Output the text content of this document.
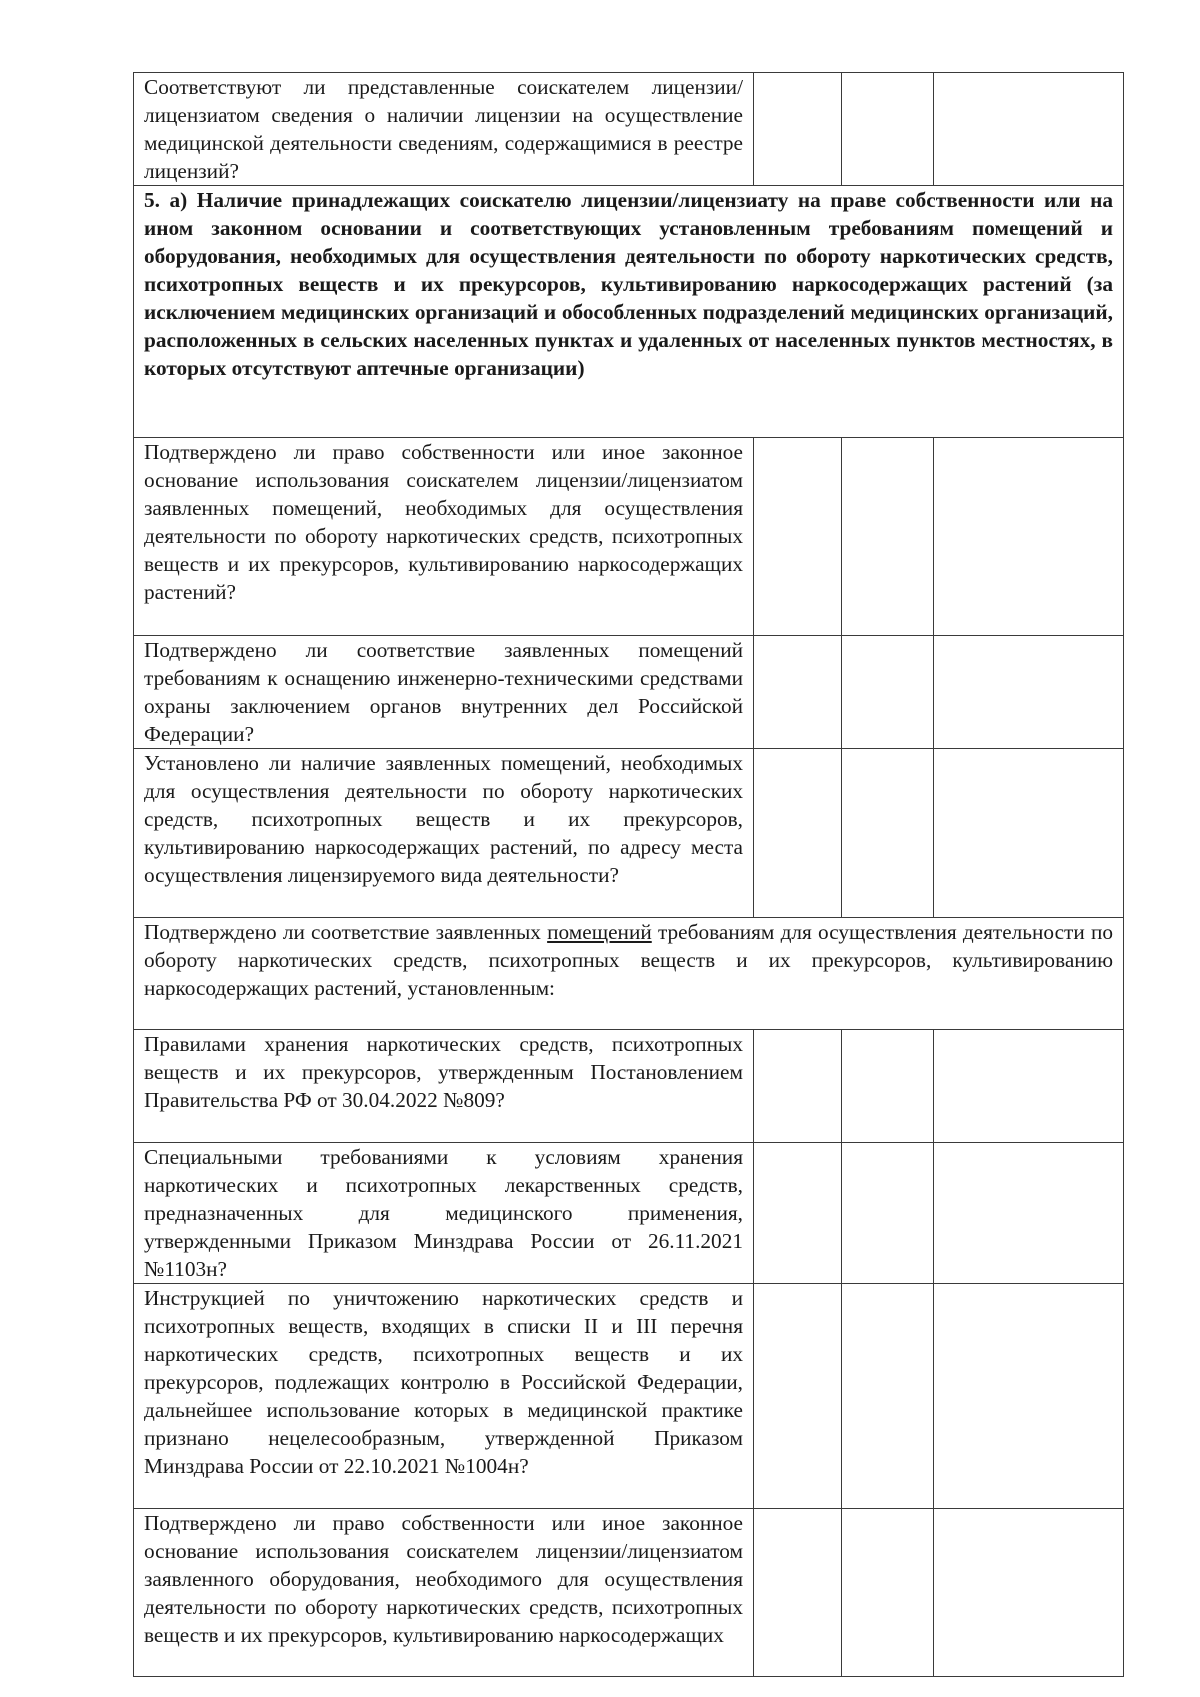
Соответствуют ли представленные соискателем лицензии/лицензиатом сведения о наличии лицензии на осуществление медицинской деятельности сведениям, содержащимися в реестре лицензий?			
5. а) Наличие принадлежащих соискателю лицензии/лицензиату на праве собственности или на ином законном основании и соответствующих установленным требованиям помещений и оборудования, необходимых для осуществления деятельности по обороту наркотических средств, психотропных веществ и их прекурсоров, культивированию наркосодержащих растений (за исключением медицинских организаций и обособленных подразделений медицинских организаций, расположенных в сельских населенных пунктах и удаленных от населенных пунктов местностях, в которых отсутствуют аптечные организации)			
Подтверждено ли право собственности или иное законное основание использования соискателем лицензии/лицензиатом заявленных помещений, необходимых для осуществления деятельности по обороту наркотических средств, психотропных веществ и их прекурсоров, культивированию наркосодержащих растений?			
Подтверждено ли соответствие заявленных помещений требованиям к оснащению инженерно-техническими средствами охраны заключением органов внутренних дел Российской Федерации?			
Установлено ли наличие заявленных помещений, необходимых для осуществления деятельности по обороту наркотических средств, психотропных веществ и их прекурсоров, культивированию наркосодержащих растений, по адресу места осуществления лицензируемого вида деятельности?			
Подтверждено ли соответствие заявленных помещений требованиям для осуществления деятельности по обороту наркотических средств, психотропных веществ и их прекурсоров, культивированию наркосодержащих растений, установленным:			
Правилами хранения наркотических средств, психотропных веществ и их прекурсоров, утвержденным Постановлением Правительства РФ от 30.04.2022 №809?			
Специальными требованиями к условиям хранения наркотических и психотропных лекарственных средств, предназначенных для медицинского применения, утвержденными Приказом Минздрава России от 26.11.2021 №1103н?			
Инструкцией по уничтожению наркотических средств и психотропных веществ, входящих в списки II и III перечня наркотических средств, психотропных веществ и их прекурсоров, подлежащих контролю в Российской Федерации, дальнейшее использование которых в медицинской практике признано нецелесообразным, утвержденной Приказом Минздрава России от 22.10.2021 №1004н?			
Подтверждено ли право собственности или иное законное основание использования соискателем лицензии/лицензиатом заявленного оборудования, необходимого для осуществления деятельности по обороту наркотических средств, психотропных веществ и их прекурсоров, культивированию наркосодержащих			
